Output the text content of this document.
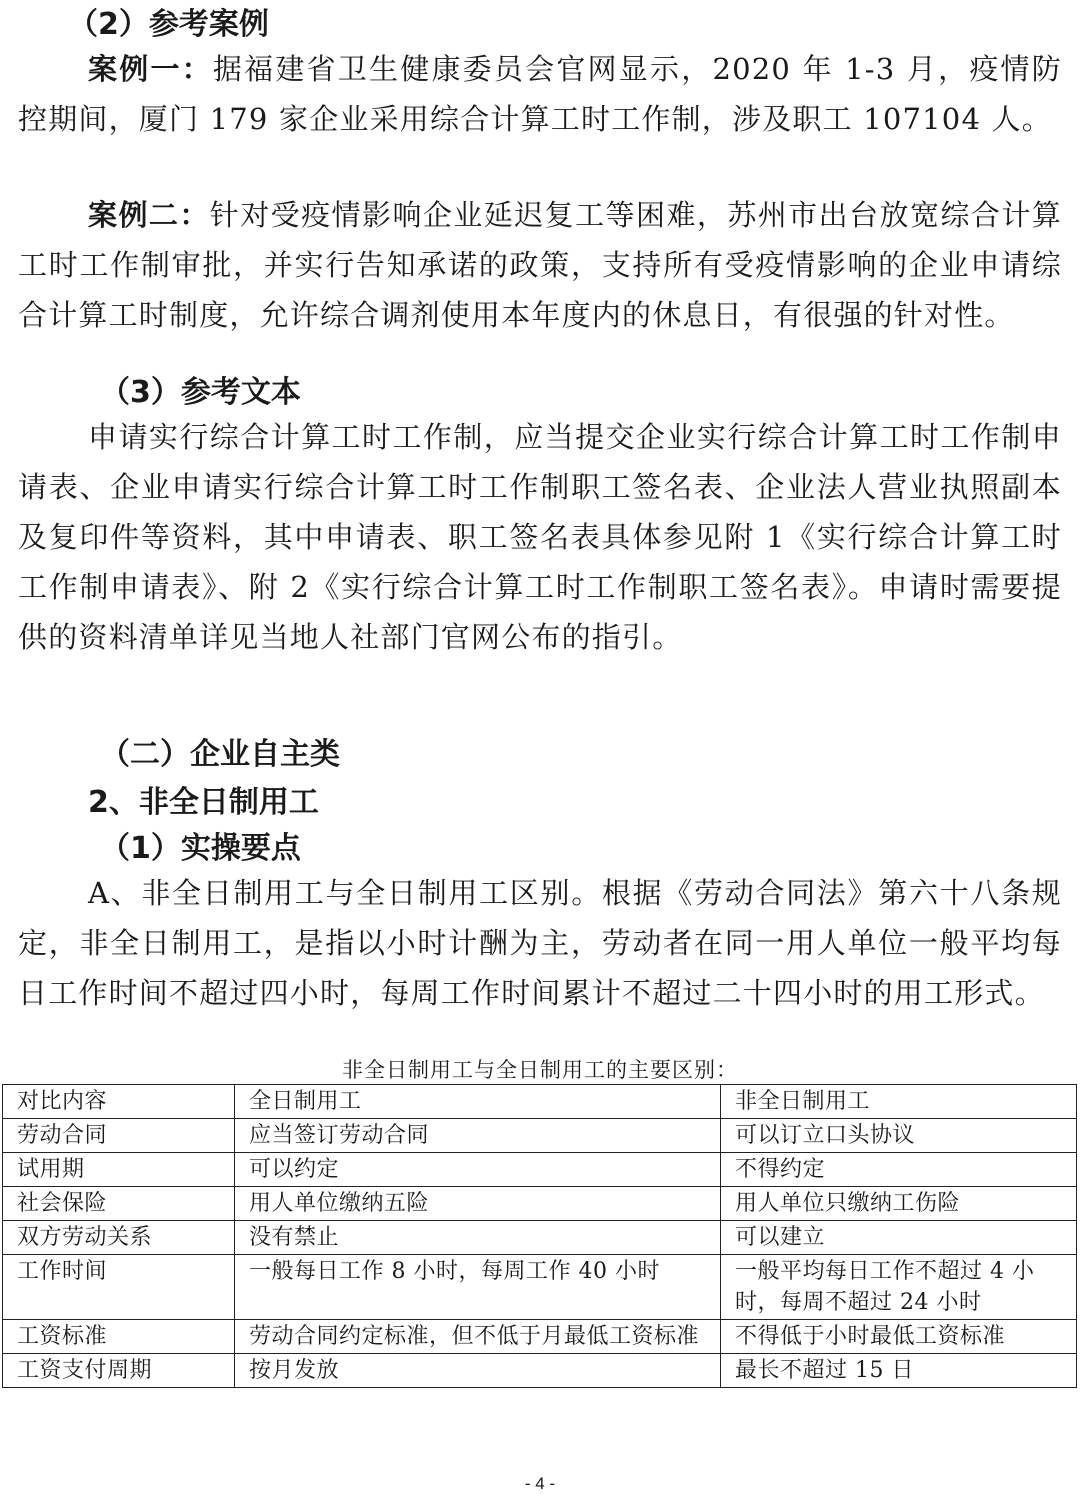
（2）参考案例

案例一：据福建省卫生健康委员会官网显示，2020 年 1-3 月，疫情防控期间，厦门 179 家企业采用综合计算工时工作制，涉及职工 107104 人。

案例二：针对受疫情影响企业延迟复工等困难，苏州市出台放宽综合计算工时工作制审批，并实行告知承诺的政策，支持所有受疫情影响的企业申请综合计算工时制度，允许综合调剂使用本年度内的休息日，有很强的针对性。

（3）参考文本

申请实行综合计算工时工作制，应当提交企业实行综合计算工时工作制申请表、企业申请实行综合计算工时工作制职工签名表、企业法人营业执照副本及复印件等资料，其中申请表、职工签名表具体参见附 1《实行综合计算工时工作制申请表》、附 2《实行综合计算工时工作制职工签名表》。申请时需要提供的资料清单详见当地人社部门官网公布的指引。

（二）企业自主类
2、非全日制用工
（1）实操要点

A、非全日制用工与全日制用工区别。根据《劳动合同法》第六十八条规定，非全日制用工，是指以小时计酬为主，劳动者在同一用人单位一般平均每日工作时间不超过四小时，每周工作时间累计不超过二十四小时的用工形式。

非全日制用工与全日制用工的主要区别：
对比内容	全日制用工	非全日制用工
劳动合同	应当签订劳动合同	可以订立口头协议
试用期	可以约定	不得约定
社会保险	用人单位缴纳五险	用人单位只缴纳工伤险
双方劳动关系	没有禁止	可以建立
工作时间	一般每日工作 8 小时，每周工作 40 小时	一般平均每日工作不超过 4 小时，每周不超过 24 小时
工资标准	劳动合同约定标准，但不低于月最低工资标准	不得低于小时最低工资标准
工资支付周期	按月发放	最长不超过 15 日
- 4 -
